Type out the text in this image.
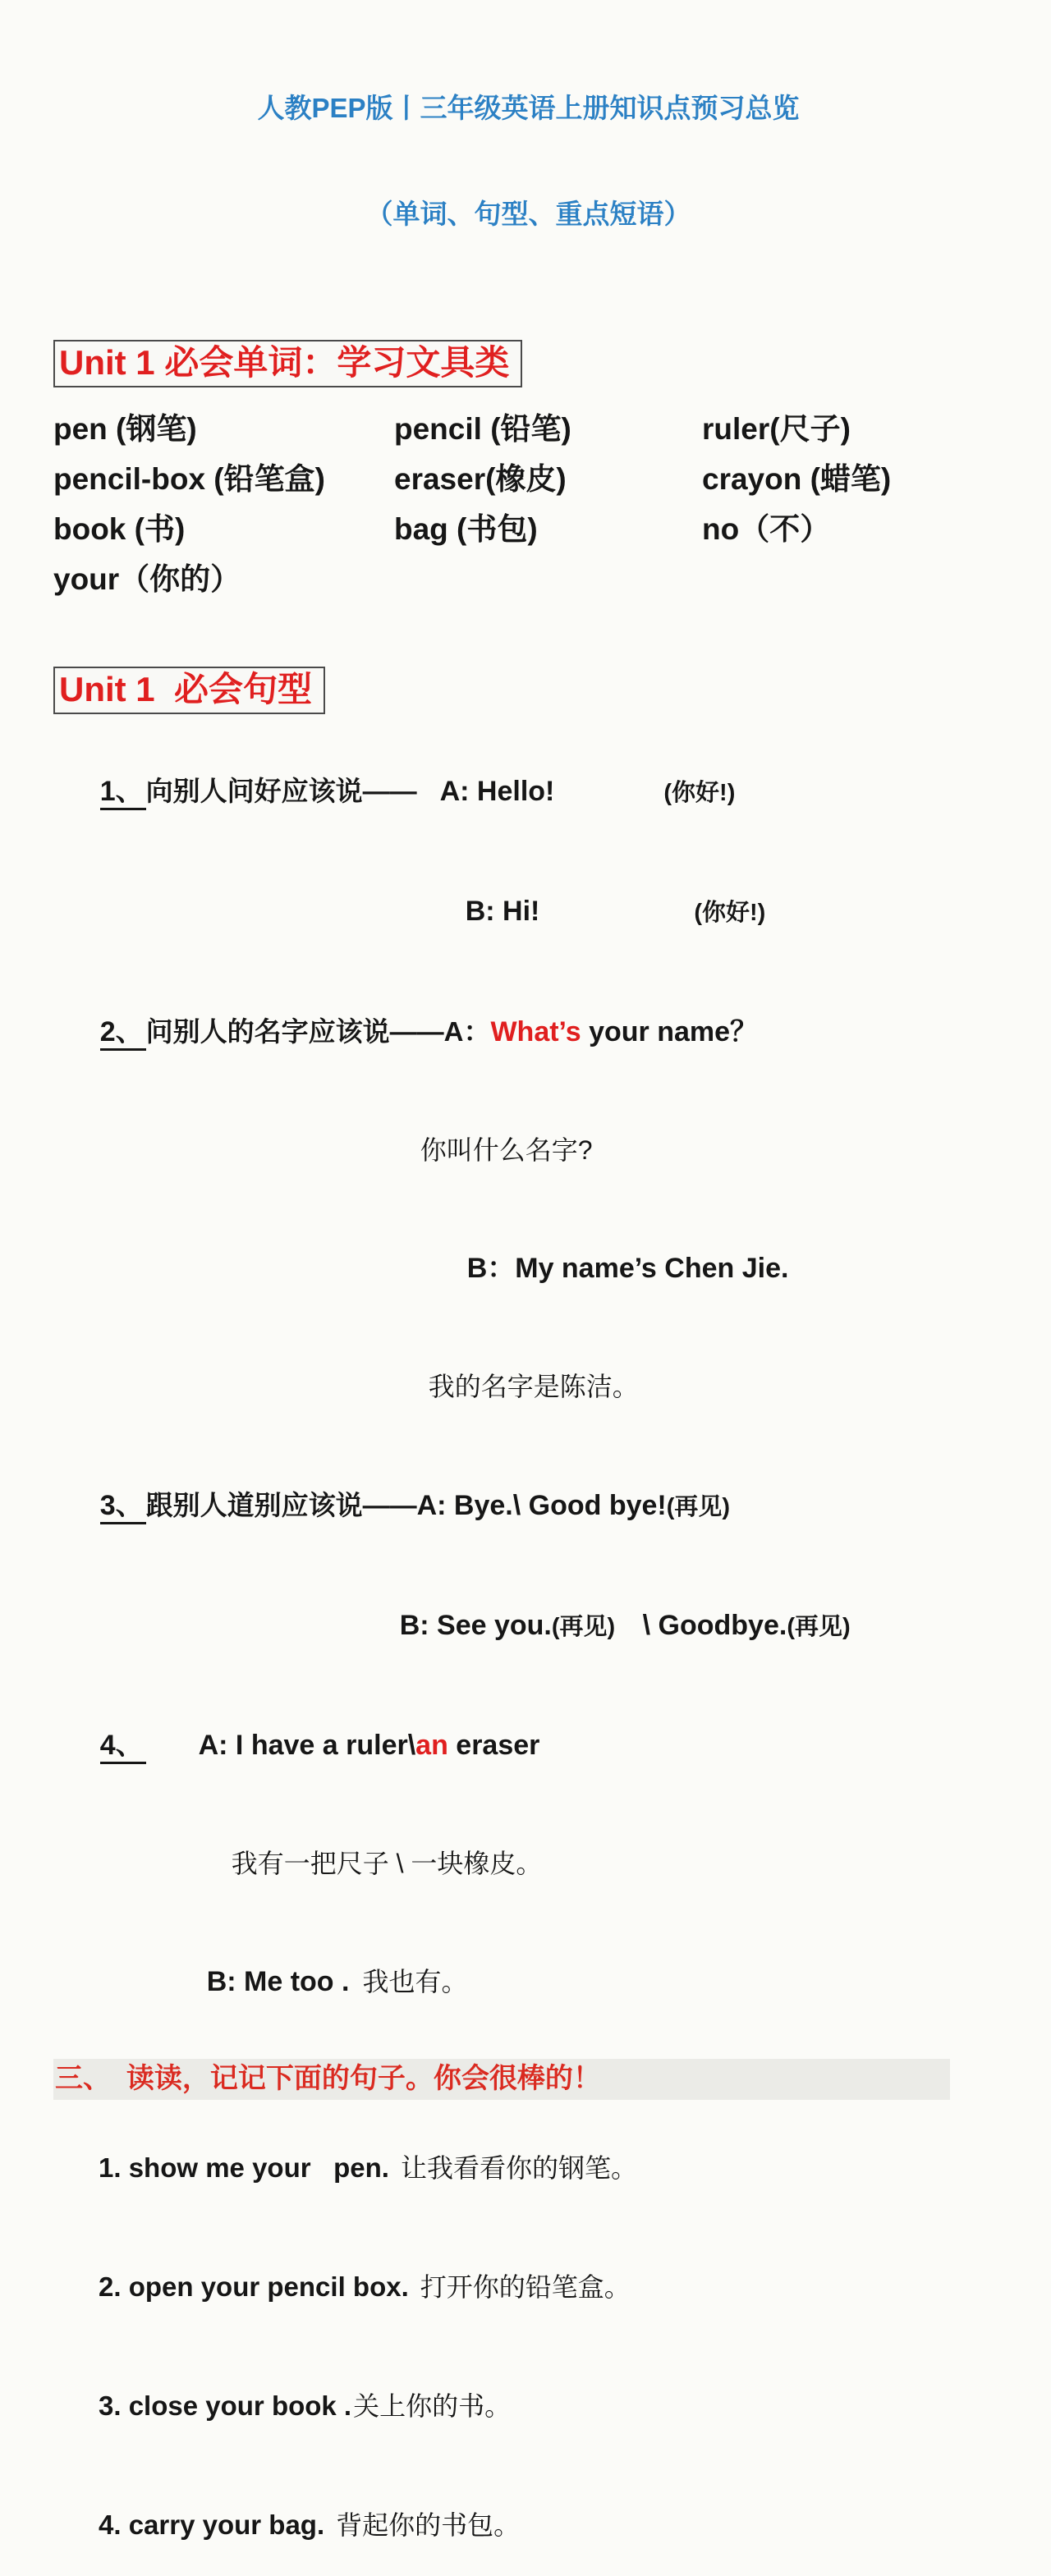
人教PEP版丨三年级英语上册知识点预习总览

（单词、句型、重点短语）

Unit 1 必会单词：学习文具类
pen (钢笔)	pencil (铅笔)	ruler(尺子)
pencil-box (铅笔盒)	eraser(橡皮)	crayon (蜡笔)
book (书)	bag (书包)	no（不）
your（你的）
Unit 1  必会句型

1、向别人问好应该说—— A: Hello!	(你好!)

B: Hi!	(你好!)

2、问别人的名字应该说——A：What’s your name？

你叫什么名字?

B：My name’s Chen Jie.

我的名字是陈洁。

3、跟别人道别应该说——A: Bye.\ Good bye!(再见)

B: See you.(再见) \ Goodbye.(再见)

4、 A: I have a ruler\an eraser

我有一把尺子 \ 一块橡皮。

B: Me too . 我也有。

三、  读读，记记下面的句子。你会很棒的！

1. show me your   pen. 让我看看你的钢笔。

2. open your pencil box. 打开你的铅笔盒。

3. close your book .关上你的书。

4. carry your bag. 背起你的书包。
